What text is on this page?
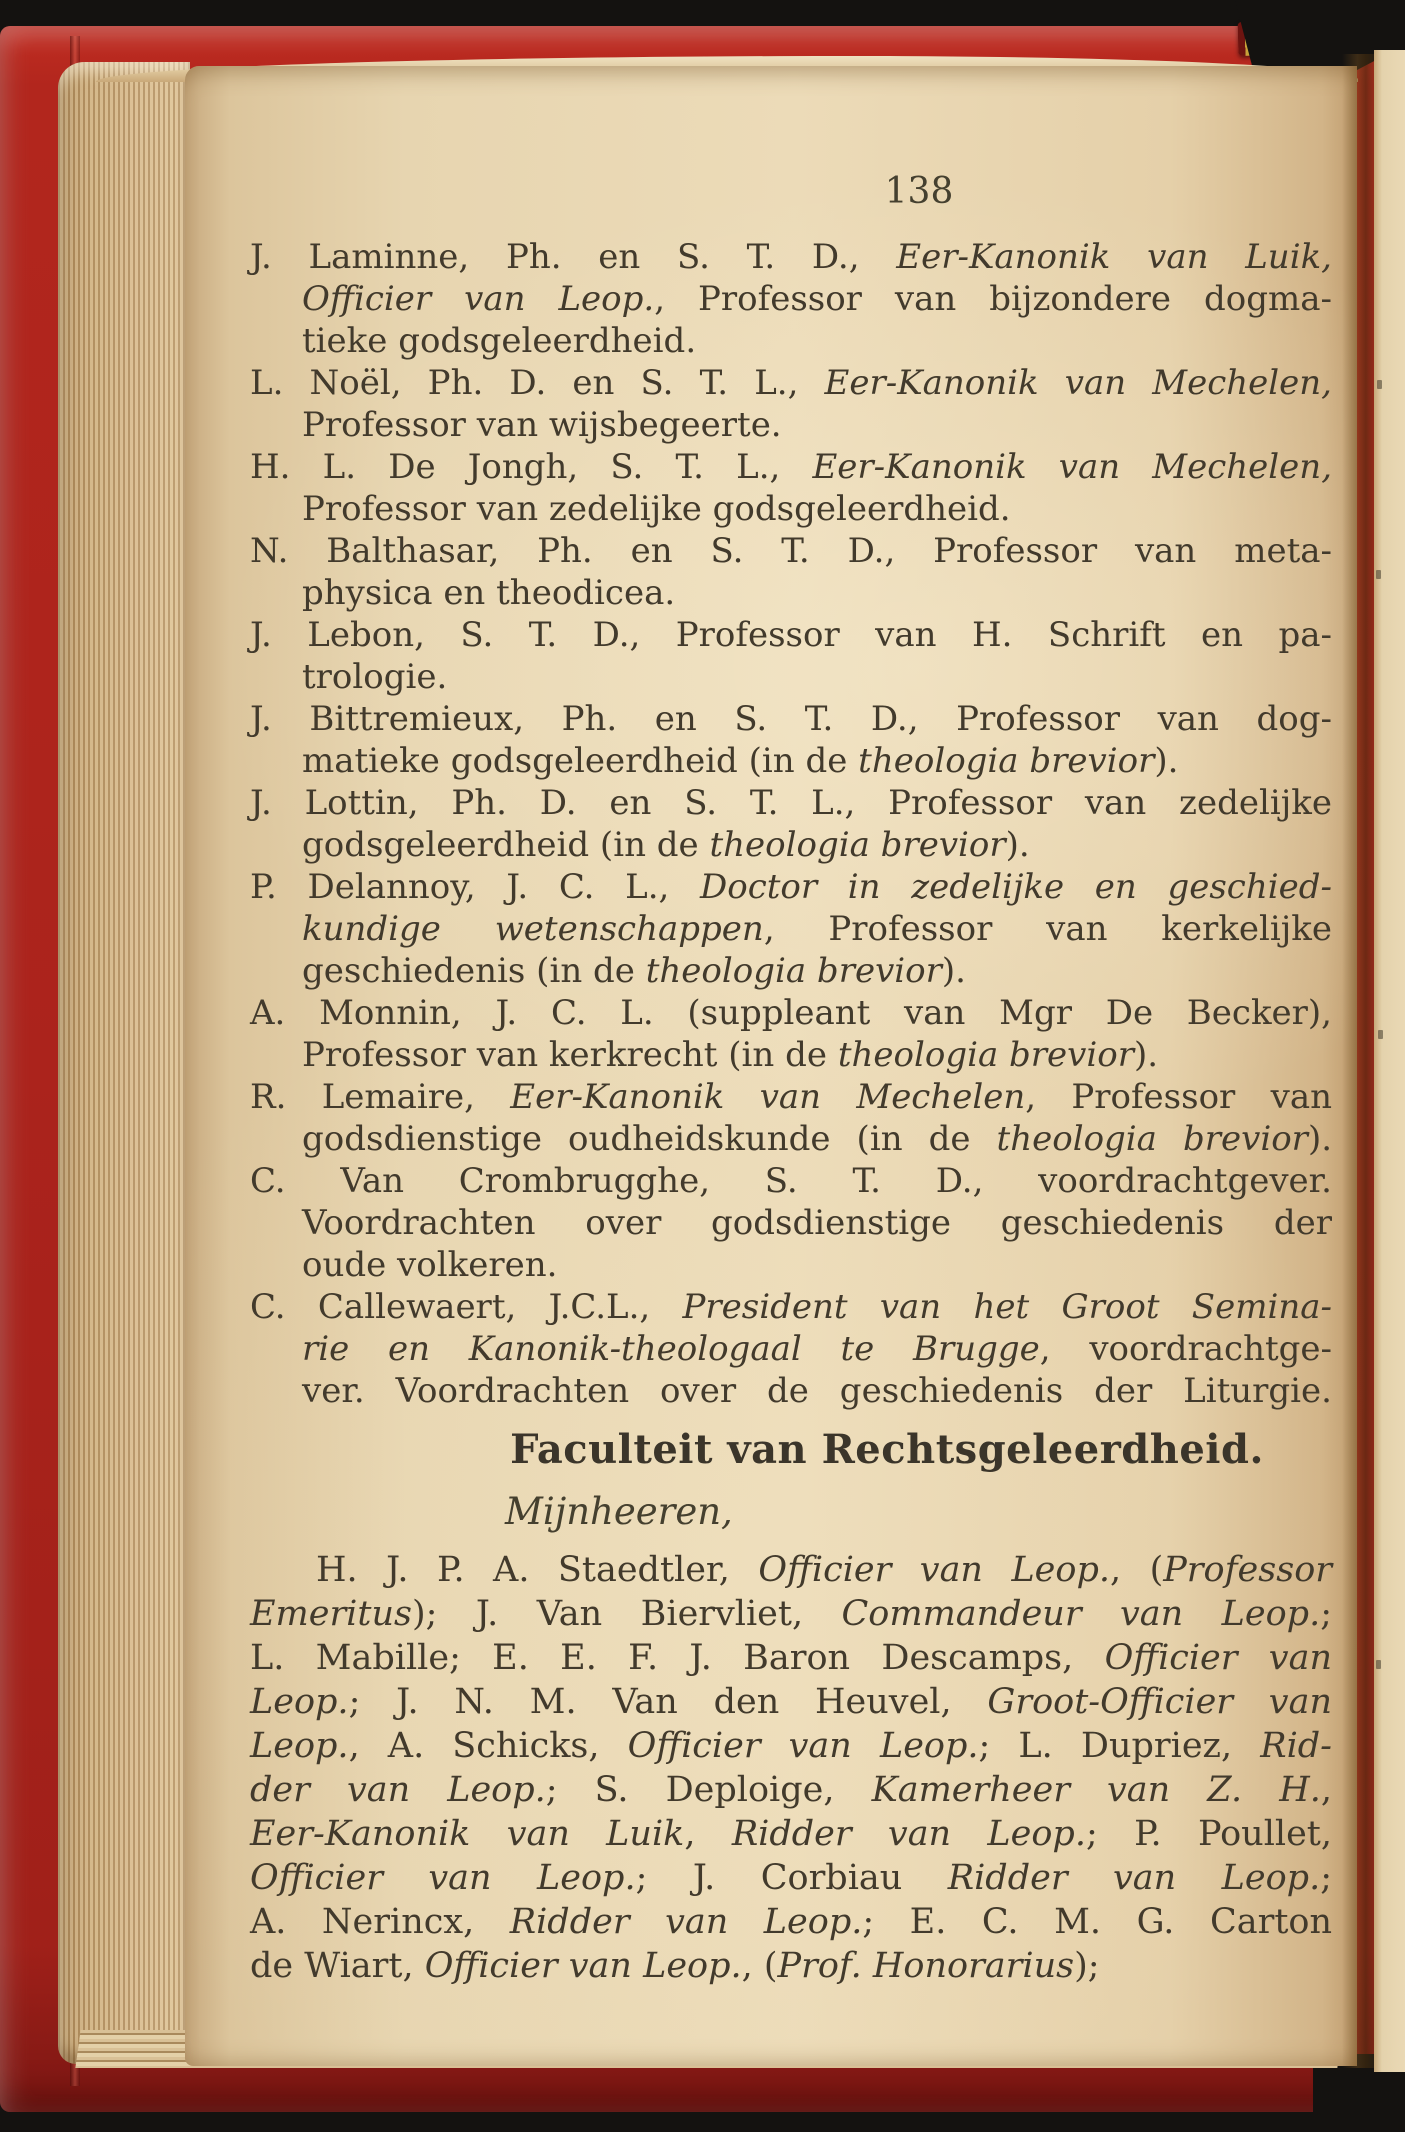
138
J. Laminne, Ph. en S. T. D., Eer-Kanonik van Luik,
Officier van Leop., Professor van bijzondere dogma-
tieke godsgeleerdheid.
L. Noël, Ph. D. en S. T. L., Eer-Kanonik van Mechelen,
Professor van wijsbegeerte.
H. L. De Jongh, S. T. L., Eer-Kanonik van Mechelen,
Professor van zedelijke godsgeleerdheid.
N. Balthasar, Ph. en S. T. D., Professor van meta-
physica en theodicea.
J. Lebon, S. T. D., Professor van H. Schrift en pa-
trologie.
J. Bittremieux, Ph. en S. T. D., Professor van dog-
matieke godsgeleerdheid (in de theologia brevior).
J. Lottin, Ph. D. en S. T. L., Professor van zedelijke
godsgeleerdheid (in de theologia brevior).
P. Delannoy, J. C. L., Doctor in zedelijke en geschied-
kundige wetenschappen, Professor van kerkelijke
geschiedenis (in de theologia brevior).
A. Monnin, J. C. L. (suppleant van Mgr De Becker),
Professor van kerkrecht (in de theologia brevior).
R. Lemaire, Eer-Kanonik van Mechelen, Professor van
godsdienstige oudheidskunde (in de theologia brevior).
C. Van Crombrugghe, S. T. D., voordrachtgever.
Voordrachten over godsdienstige geschiedenis der
oude volkeren.
C. Callewaert, J.C.L., President van het Groot Semina-
rie en Kanonik-theologaal te Brugge, voordrachtge-
ver. Voordrachten over de geschiedenis der Liturgie.
Faculteit van Rechtsgeleerdheid.
Mijnheeren,
H. J. P. A. Staedtler, Officier van Leop., (Professor
Emeritus); J. Van Biervliet, Commandeur van Leop.;
L. Mabille; E. E. F. J. Baron Descamps, Officier van
Leop.; J. N. M. Van den Heuvel, Groot-Officier van
Leop., A. Schicks, Officier van Leop.; L. Dupriez, Rid-
der van Leop.; S. Deploige, Kamerheer van Z. H.,
Eer-Kanonik van Luik, Ridder van Leop.; P. Poullet,
Officier van Leop.; J. Corbiau Ridder van Leop.;
A. Nerincx, Ridder van Leop.; E. C. M. G. Carton
de Wiart, Officier van Leop., (Prof. Honorarius);
